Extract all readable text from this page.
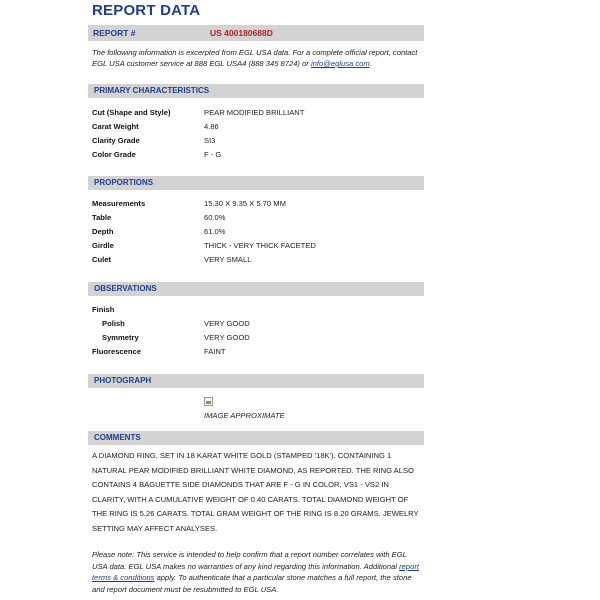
REPORT DATA
REPORT #	US 400180688D
The following information is excerpted from EGL USA data. For a complete official report, contact EGL USA customer service at 888 EGL USA4 (888 345 8724) or info@eglusa.com.
PRIMARY CHARACTERISTICS
Cut (Shape and Style)	PEAR MODIFIED BRILLIANT
Carat Weight	4.86
Clarity Grade	SI3
Color Grade	F - G
PROPORTIONS
Measurements	15.30 X 9.35 X 5.70 MM
Table	60.0%
Depth	61.0%
Girdle	THICK - VERY THICK FACETED
Culet	VERY SMALL
OBSERVATIONS
Finish
Polish	VERY GOOD
Symmetry	VERY GOOD
Fluorescence	FAINT
PHOTOGRAPH
IMAGE APPROXIMATE
COMMENTS
A DIAMOND RING, SET IN 18 KARAT WHITE GOLD (STAMPED '18K'), CONTAINING 1 NATURAL PEAR MODIFIED BRILLIANT WHITE DIAMOND, AS REPORTED. THE RING ALSO CONTAINS 4 BAGUETTE SIDE DIAMONDS THAT ARE F - G IN COLOR, VS1 - VS2 IN CLARITY, WITH A CUMULATIVE WEIGHT OF 0.40 CARATS. TOTAL DIAMOND WEIGHT OF THE RING IS 5.26 CARATS. TOTAL GRAM WEIGHT OF THE RING IS 8.20 GRAMS. JEWELRY SETTING MAY AFFECT ANALYSES.
Please note: This service is intended to help confirm that a report number correlates with EGL USA data. EGL USA makes no warranties of any kind regarding this information. Additional report terms & conditions apply. To authenticate that a particular stone matches a full report, the stone and report document must be resubmitted to EGL USA.
